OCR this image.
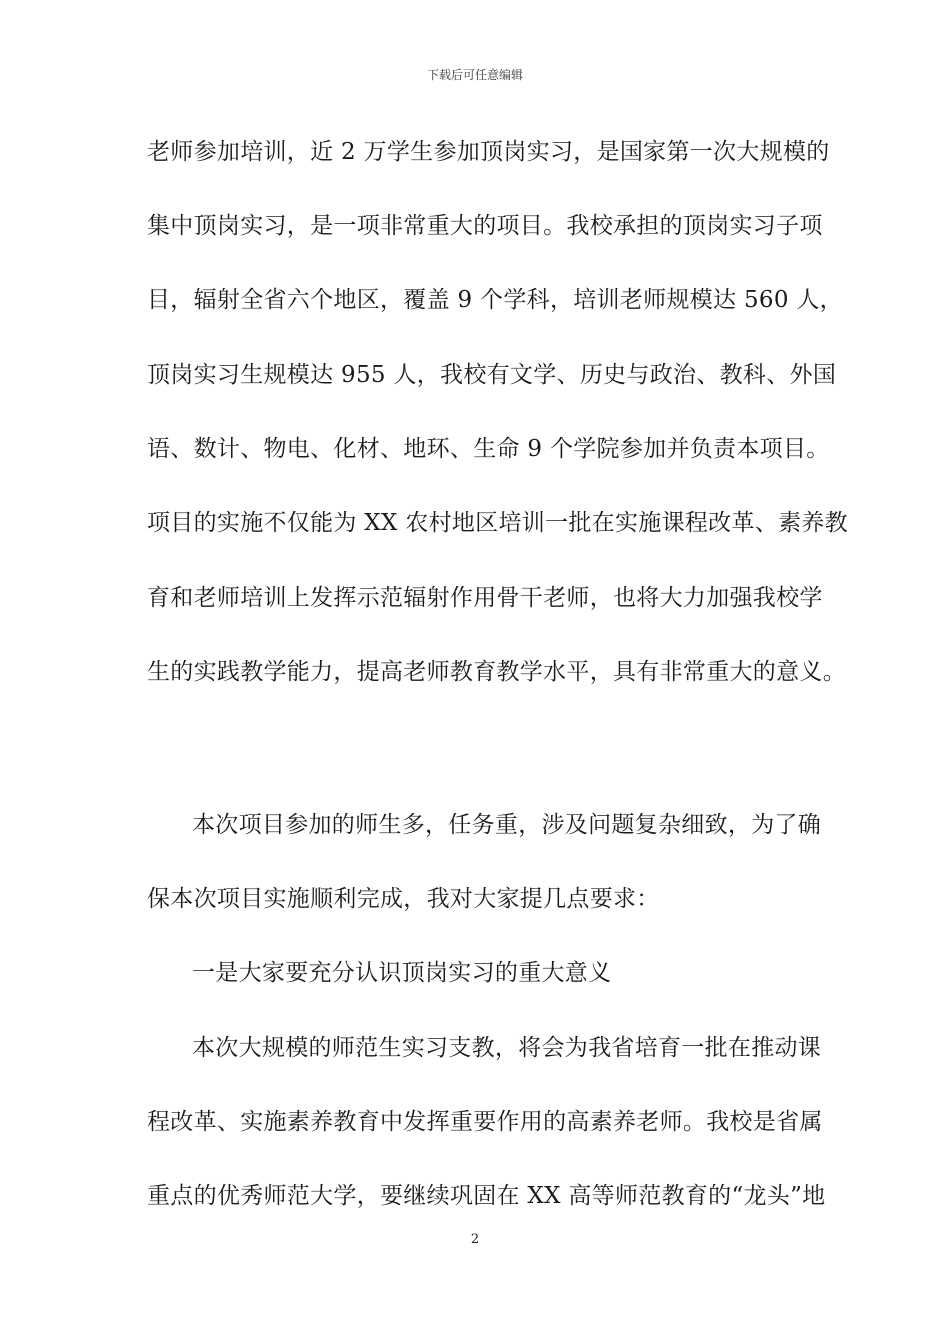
下载后可任意编辑
老师参加培训，近 2 万学生参加顶岗实习，是国家第一次大规模的
集中顶岗实习，是一项非常重大的项目。我校承担的顶岗实习子项
目，辐射全省六个地区，覆盖 9 个学科，培训老师规模达 560 人，
顶岗实习生规模达 955 人，我校有文学、历史与政治、教科、外国
语、数计、物电、化材、地环、生命 9 个学院参加并负责本项目。
项目的实施不仅能为 XX 农村地区培训一批在实施课程改革、素养教
育和老师培训上发挥示范辐射作用骨干老师，也将大力加强我校学
生的实践教学能力，提高老师教育教学水平，具有非常重大的意义。
本次项目参加的师生多，任务重，涉及问题复杂细致，为了确
保本次项目实施顺利完成，我对大家提几点要求：
一是大家要充分认识顶岗实习的重大意义
本次大规模的师范生实习支教，将会为我省培育一批在推动课
程改革、实施素养教育中发挥重要作用的高素养老师。我校是省属
重点的优秀师范大学，要继续巩固在 XX 高等师范教育的“龙头”地
2
